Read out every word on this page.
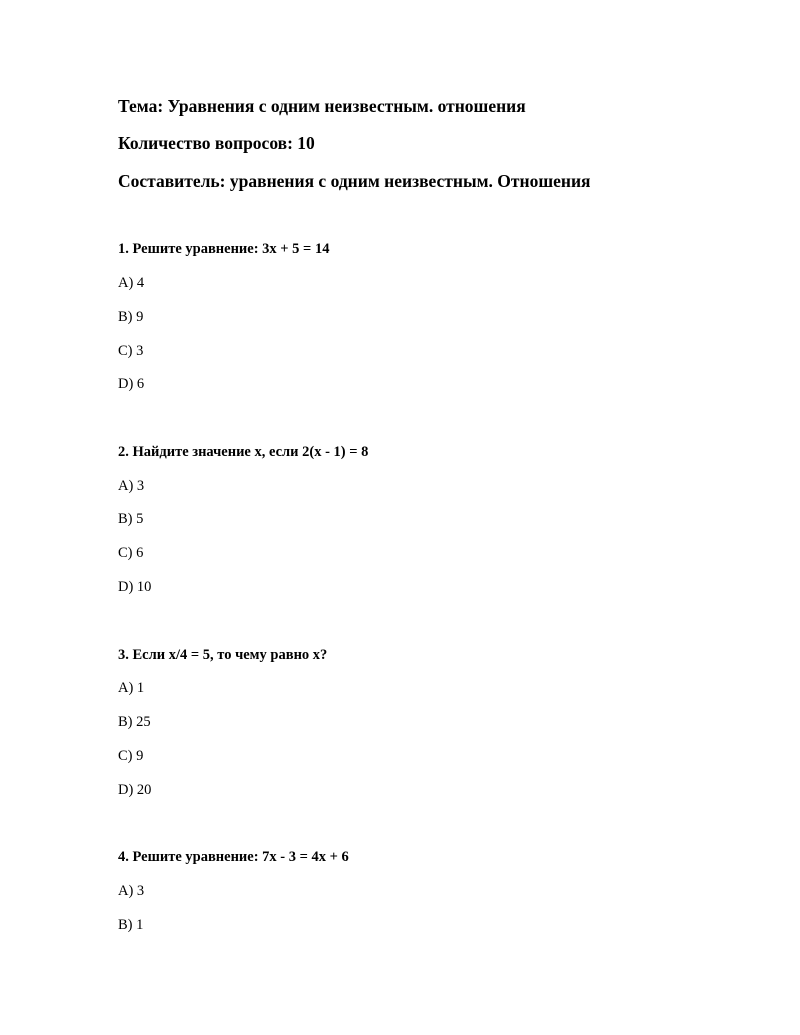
Тема: Уравнения с одним неизвестным. отношения
Количество вопросов: 10
Составитель: уравнения с одним неизвестным. Отношения
1. Решите уравнение: 3x + 5 = 14
A) 4
B) 9
C) 3
D) 6
2. Найдите значение x, если 2(x - 1) = 8
A) 3
B) 5
C) 6
D) 10
3. Если x/4 = 5, то чему равно x?
A) 1
B) 25
C) 9
D) 20
4. Решите уравнение: 7x - 3 = 4x + 6
A) 3
B) 1
